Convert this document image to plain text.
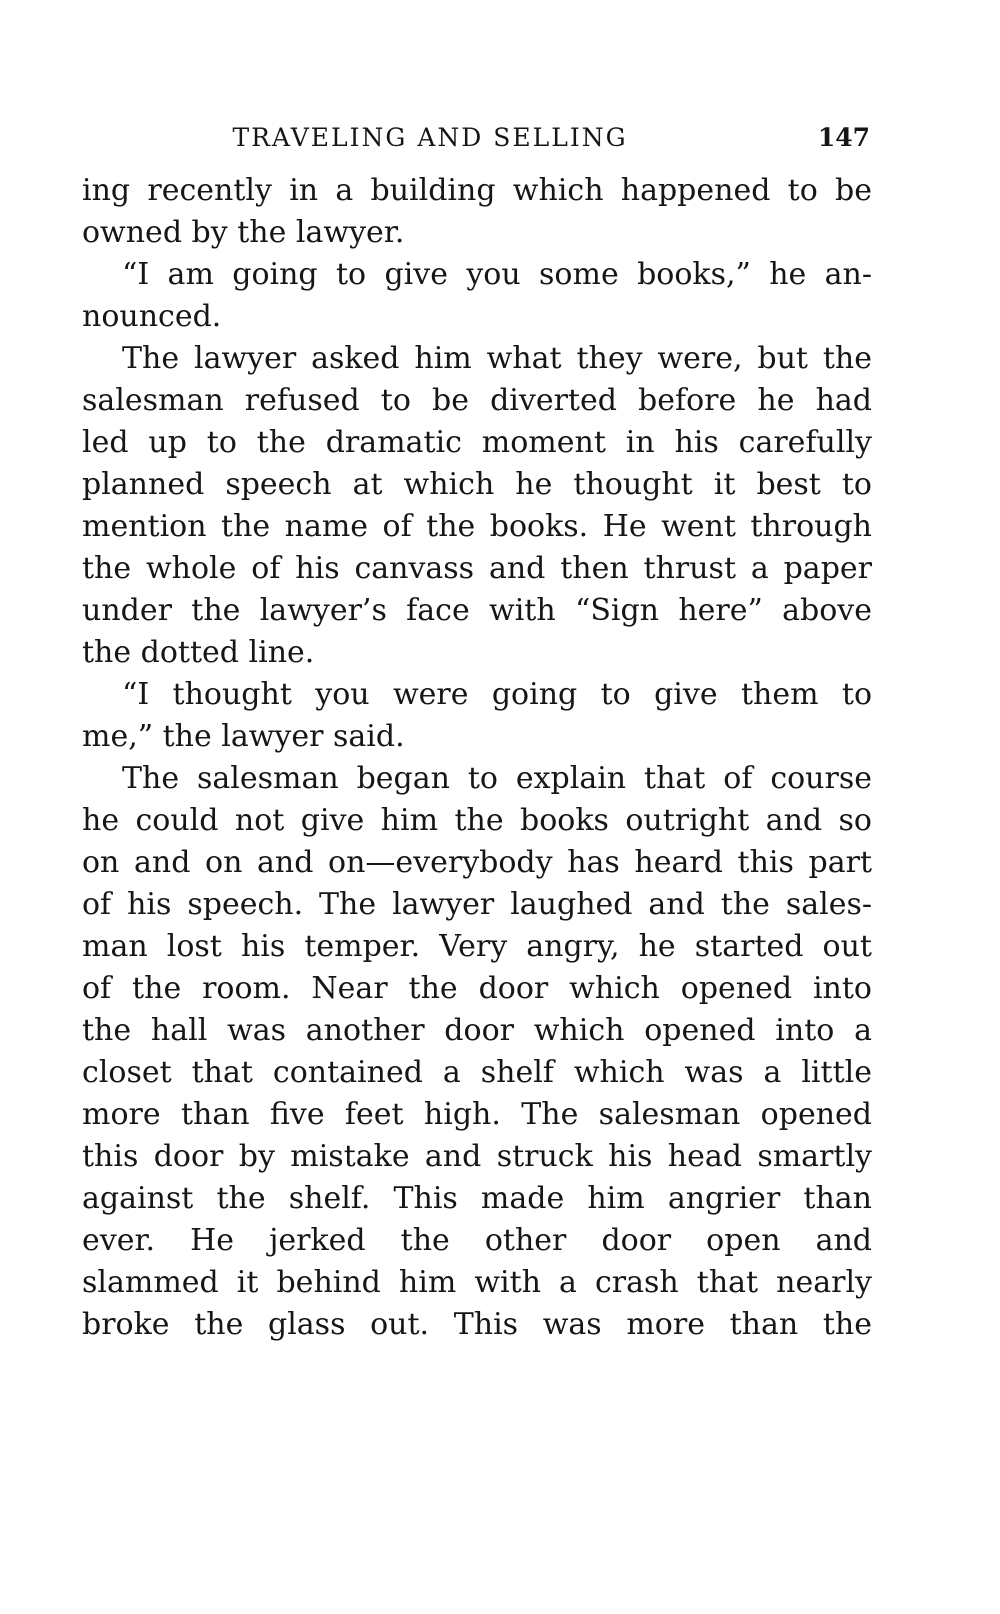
TRAVELING AND SELLING	147

ing recently in a building which happened to be
owned by the lawyer.

“I am going to give you some books,” he an-
nounced.

The lawyer asked him what they were, but the
salesman refused to be diverted before he had
led up to the dramatic moment in his carefully
planned speech at which he thought it best to
mention the name of the books. He went through
the whole of his canvass and then thrust a paper
under the lawyer’s face with “Sign here” above
the dotted line.

“I thought you were going to give them to
me,” the lawyer said.

The salesman began to explain that of course
he could not give him the books outright and so
on and on and on—everybody has heard this part
of his speech. The lawyer laughed and the sales-
man lost his temper. Very angry, he started out
of the room. Near the door which opened into
the hall was another door which opened into a
closet that contained a shelf which was a little
more than five feet high. The salesman opened
this door by mistake and struck his head smartly
against the shelf. This made him angrier than
ever. He jerked the other door open and
slammed it behind him with a crash that nearly
broke the glass out. This was more than the
